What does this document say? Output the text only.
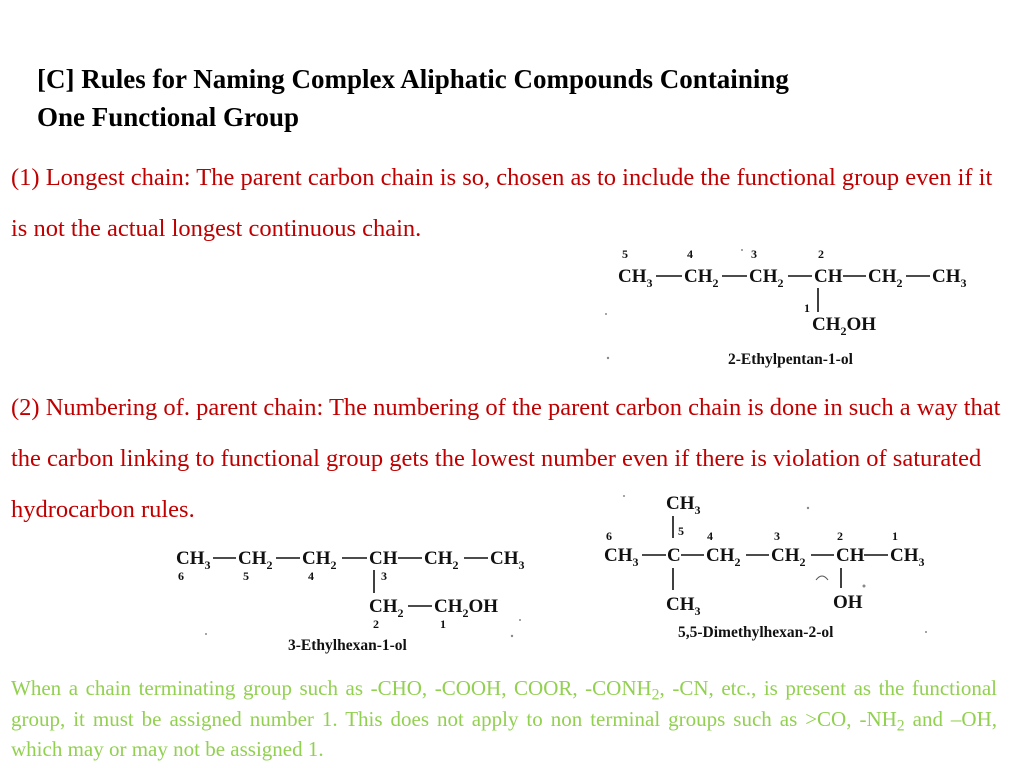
[C] Rules for Naming Complex Aliphatic Compounds Containing
One Functional Group

(1) Longest chain: The parent carbon chain is so, chosen as to include the functional group even if it is not the actual longest continuous chain.

5	4	3	2
1
$CH_3$ $CH_2$ $CH_2$ CH $CH_2$ $CH_3$
$CH_2OH$
2-Ethylpentan-1-ol

(2) Numbering of. parent chain: The numbering of the parent carbon chain is done in such a way that the carbon linking to functional group gets the lowest number even if there is violation of saturated hydrocarbon rules.

$CH_3$ $CH_2$ $CH_2$ CH $CH_2$ $CH_3$
6	5	4	3
$CH_2$ $CH_2OH$
2	1
3-Ethylhexan-1-ol
$CH_3$
6	5 4	3	2	1
$CH_3$ C $CH_2$ $CH_2$ CH $CH_3$
$CH_3$	OH
5,5-Dimethylhexan-2-ol

When a chain terminating group such as -CHO, -COOH, COOR, $-CONH_2$, -CN, etc., is present as the functional group, it must be assigned number 1. This does not apply to non terminal groups such as >CO, $-NH_2$ and –OH, which may or may not be assigned 1.
